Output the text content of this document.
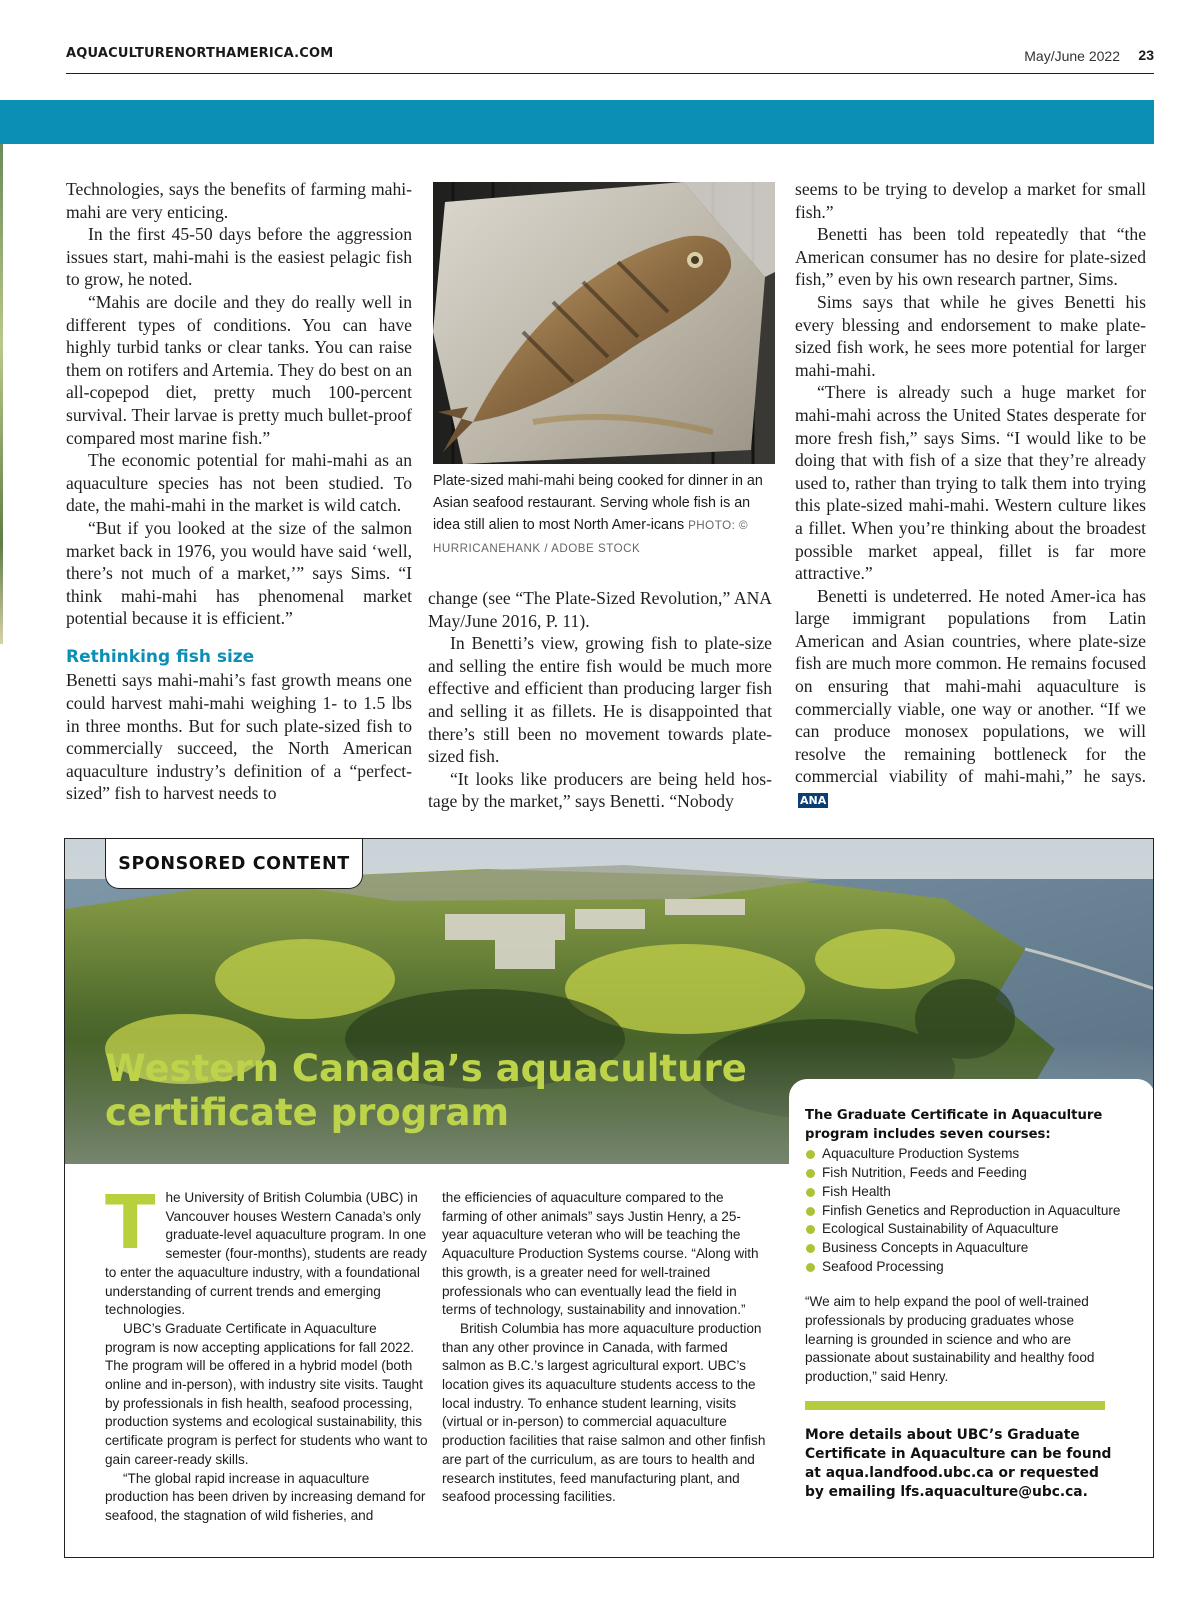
AQUACULTURENORTHAMERICA.COM	May/June 2022 23

Technologies, says the benefits of farming mahi-mahi are very enticing.

In the first 45-50 days before the aggression issues start, mahi-mahi is the easiest pelagic fish to grow, he noted.

“Mahis are docile and they do really well in different types of conditions. You can have highly turbid tanks or clear tanks. You can raise them on rotifers and Artemia. They do best on an all-copepod diet, pretty much 100-percent survival. Their larvae is pretty much bullet-proof compared most marine fish.”

The economic potential for mahi-mahi as an aquaculture species has not been studied. To date, the mahi-mahi in the market is wild catch.

“But if you looked at the size of the salmon market back in 1976, you would have said ‘well, there’s not much of a market,’” says Sims. “I think mahi-mahi has phenomenal market potential because it is efficient.”

Rethinking fish size

Benetti says mahi-mahi’s fast growth means one could harvest mahi-mahi weighing 1- to 1.5 lbs in three months. But for such plate-sized fish to commercially succeed, the North American aquaculture industry’s definition of a “perfect- sized” fish to harvest needs to

Plate-sized mahi-mahi being cooked for dinner in an Asian seafood restaurant. Serving whole fish is an idea still alien to most North Amer-icans PHOTO: © HURRICANEHANK / ADOBE STOCK

change (see “The Plate-Sized Revolution,” ANA May/June 2016, P. 11).

In Benetti’s view, growing fish to plate-size and selling the entire fish would be much more effective and efficient than producing larger fish and selling it as fillets. He is disappointed that there’s still been no movement towards plate-sized fish.

“It looks like producers are being held hos-tage by the market,” says Benetti. “Nobody

seems to be trying to develop a market for small fish.”

Benetti has been told repeatedly that “the American consumer has no desire for plate-sized fish,” even by his own research partner, Sims.

Sims says that while he gives Benetti his every blessing and endorsement to make plate-sized fish work, he sees more potential for larger mahi-mahi.

“There is already such a huge market for mahi-mahi across the United States desperate for more fresh fish,” says Sims. “I would like to be doing that with fish of a size that they’re already used to, rather than trying to talk them into trying this plate-sized mahi-mahi. Western culture likes a fillet. When you’re thinking about the broadest possible market appeal, fillet is far more attractive.”

Benetti is undeterred. He noted Amer-ica has large immigrant populations from Latin American and Asian countries, where plate-size fish are much more common. He remains focused on ensuring that mahi-mahi aquaculture is commercially viable, one way or another. “If we can produce monosex populations, we will resolve the remaining bottleneck for the commercial viability of mahi-mahi,” he says.ANA

Western Canada’s aquaculture
certificate program
SPONSORED CONTENT

The University of British Columbia (UBC) in Vancouver houses Western Canada’s only graduate-level aquaculture program. In one semester (four-months), students are ready to enter the aquaculture industry, with a foundational understanding of current trends and emerging technologies.

UBC’s Graduate Certificate in Aquaculture program is now accepting applications for fall 2022. The program will be offered in a hybrid model (both online and in-person), with industry site visits. Taught by professionals in fish health, seafood processing, production systems and ecological sustainability, this certificate program is perfect for students who want to gain career-ready skills.

“The global rapid increase in aquaculture production has been driven by increasing demand for seafood, the stagnation of wild fisheries, and

the efficiencies of aquaculture compared to the farming of other animals” says Justin Henry, a 25-year aquaculture veteran who will be teaching the Aquaculture Production Systems course. “Along with this growth, is a greater need for well-trained professionals who can eventually lead the field in terms of technology, sustainability and innovation.”

British Columbia has more aquaculture production than any other province in Canada, with farmed salmon as B.C.’s largest agricultural export. UBC’s location gives its aquaculture students access to the local industry. To enhance student learning, visits (virtual or in-person) to commercial aquaculture production facilities that raise salmon and other finfish are part of the curriculum, as are tours to health and research institutes, feed manufacturing plant, and seafood processing facilities.

The Graduate Certificate in Aquaculture program includes seven courses:
Aquaculture Production Systems
Fish Nutrition, Feeds and Feeding
Fish Health
Finfish Genetics and Reproduction in Aquaculture
Ecological Sustainability of Aquaculture
Business Concepts in Aquaculture
Seafood Processing
“We aim to help expand the pool of well-trained professionals by producing graduates whose learning is grounded in science and who are passionate about sustainability and healthy food production,” said Henry.
More details about UBC’s Graduate Certificate in Aquaculture can be found at aqua.landfood.ubc.ca or requested by emailing lfs.aquaculture@ubc.ca.
